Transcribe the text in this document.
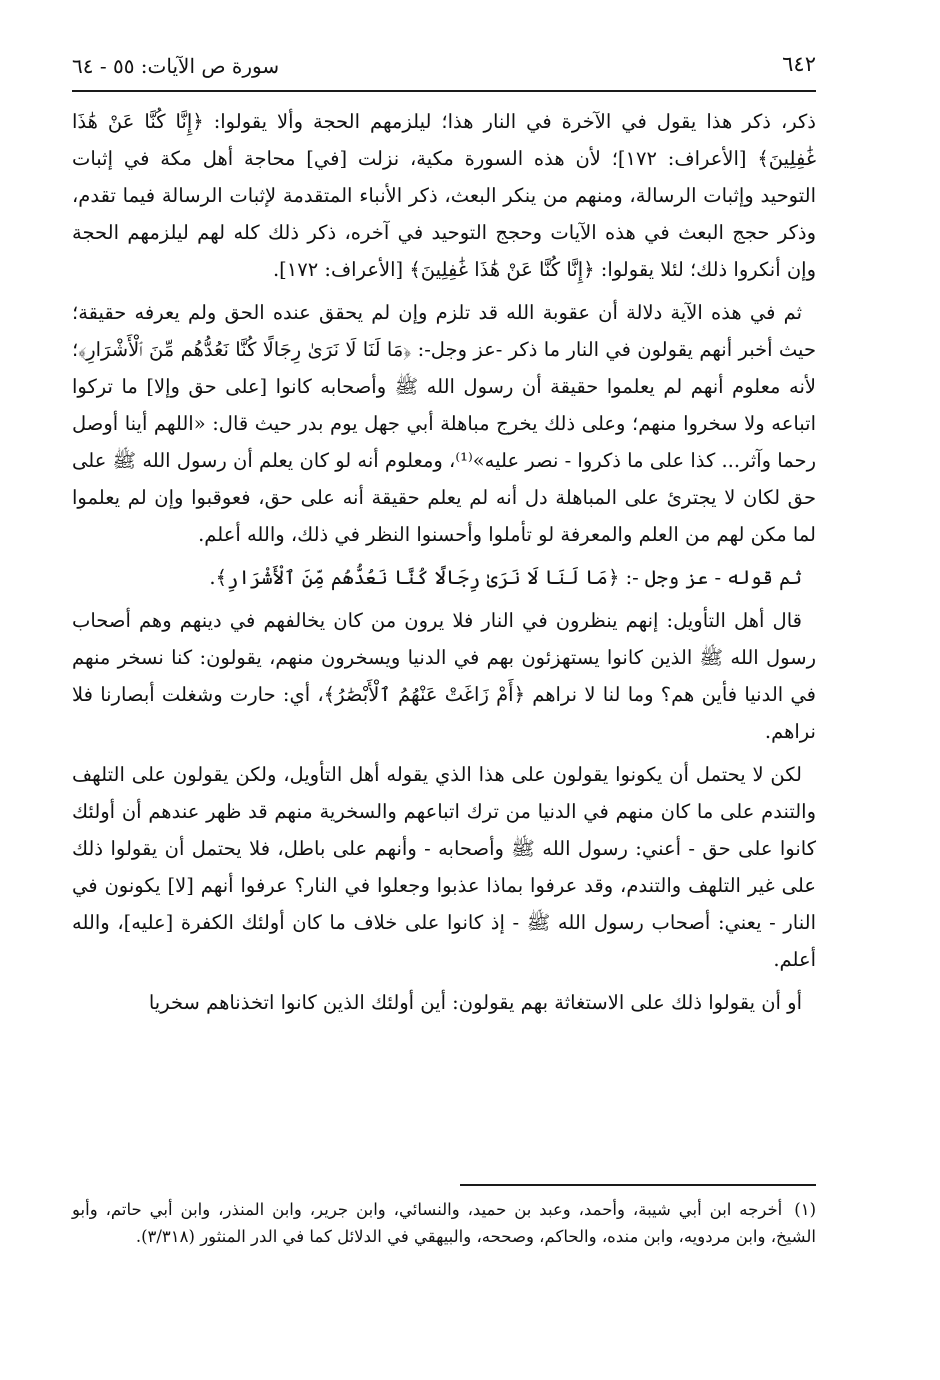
٦٤٢
سورة ص الآيات: ٥٥ - ٦٤

ذكر، ذكر هذا يقول في الآخرة في النار هذا؛ ليلزمهم الحجة وألا يقولوا: ﴿إِنَّا كُنَّا عَنْ هَٰذَا غَٰفِلِينَ﴾ [الأعراف: ١٧٢]؛ لأن هذه السورة مكية، نزلت [في] محاجة أهل مكة في إثبات التوحيد وإثبات الرسالة، ومنهم من ينكر البعث، ذكر الأنباء المتقدمة لإثبات الرسالة فيما تقدم، وذكر حجج البعث في هذه الآيات وحجج التوحيد في آخره، ذكر ذلك كله لهم ليلزمهم الحجة وإن أنكروا ذلك؛ لئلا يقولوا: ﴿إِنَّا كُنَّا عَنْ هَٰذَا غَٰفِلِينَ﴾ [الأعراف: ١٧٢].

ثم في هذه الآية دلالة أن عقوبة الله قد تلزم وإن لم يحقق عنده الحق ولم يعرفه حقيقة؛ حيث أخبر أنهم يقولون في النار ما ذكر -عز وجل-: ﴿مَا لَنَا لَا نَرَىٰ رِجَالًا كُنَّا نَعُدُّهُم مِّنَ ٱلْأَشْرَارِ﴾؛ لأنه معلوم أنهم لم يعلموا حقيقة أن رسول الله ﷺ وأصحابه كانوا [على حق وإلا] ما تركوا اتباعه ولا سخروا منهم؛ وعلى ذلك يخرج مباهلة أبي جهل يوم بدر حيث قال: «اللهم أينا أوصل رحما وآثر... كذا على ما ذكروا - نصر عليه»⁽¹⁾، ومعلوم أنه لو كان يعلم أن رسول الله ﷺ على حق لكان لا يجترئ على المباهلة دل أنه لم يعلم حقيقة أنه على حق، فعوقبوا وإن لم يعلموا لما مكن لهم من العلم والمعرفة لو تأملوا وأحسنوا النظر في ذلك، والله أعلم.

ثم قوله - عز وجل -: ﴿مَا لَنَا لَا نَرَىٰ رِجَالًا كُنَّا نَعُدُّهُم مِّنَ ٱلْأَشْرَارِ﴾.

قال أهل التأويل: إنهم ينظرون في النار فلا يرون من كان يخالفهم في دينهم وهم أصحاب رسول الله ﷺ الذين كانوا يستهزئون بهم في الدنيا ويسخرون منهم، يقولون: كنا نسخر منهم في الدنيا فأين هم؟ وما لنا لا نراهم ﴿أَمْ زَاغَتْ عَنْهُمُ ٱلْأَبْصَٰرُ﴾، أي: حارت وشغلت أبصارنا فلا نراهم.

لكن لا يحتمل أن يكونوا يقولون على هذا الذي يقوله أهل التأويل، ولكن يقولون على التلهف والتندم على ما كان منهم في الدنيا من ترك اتباعهم والسخرية منهم قد ظهر عندهم أن أولئك كانوا على حق - أعني: رسول الله ﷺ وأصحابه - وأنهم على باطل، فلا يحتمل أن يقولوا ذلك على غير التلهف والتندم، وقد عرفوا بماذا عذبوا وجعلوا في النار؟ عرفوا أنهم [لا] يكونون في النار - يعني: أصحاب رسول الله ﷺ - إذ كانوا على خلاف ما كان أولئك الكفرة [عليه]، والله أعلم.

أو أن يقولوا ذلك على الاستغاثة بهم يقولون: أين أولئك الذين كانوا اتخذناهم سخريا

(١)أخرجه ابن أبي شيبة، وأحمد، وعبد بن حميد، والنسائي، وابن جرير، وابن المنذر، وابن أبي حاتم، وأبو الشيخ، وابن مردويه، وابن منده، والحاكم، وصححه، والبيهقي في الدلائل كما في الدر المنثور (٣/٣١٨).
